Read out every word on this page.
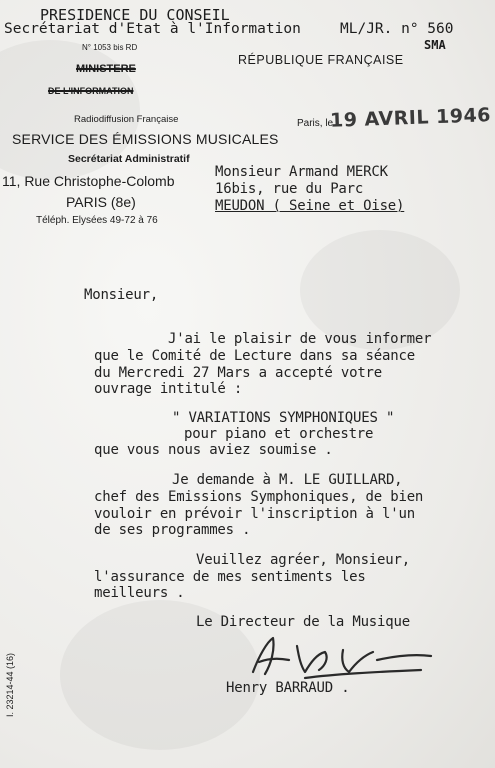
PRESIDENCE DU CONSEIL
Secrétariat d'Etat à l'Information	ML/JR. n° 560
SMA
N° 1053 bis RD
MINISTERE
RÉPUBLIQUE FRANÇAISE
DE L'INFORMATION
Radiodiffusion Française
SERVICE DES ÉMISSIONS MUSICALES
Secrétariat Administratif
11, Rue Christophe-Colomb
PARIS (8e)
Téléph. Elysées 49-72 à 76
Paris, le
19 AVRIL 1946
Monsieur Armand MERCK
16bis, rue du Parc
MEUDON ( Seine et Oise)
Monsieur,
J'ai le plaisir de vous informer
que le Comité de Lecture dans sa séance
du Mercredi 27 Mars a accepté votre
ouvrage intitulé :
" VARIATIONS SYMPHONIQUES "
pour piano et orchestre
que vous nous aviez soumise .
Je demande à M. LE GUILLARD,
chef des Emissions Symphoniques, de bien
vouloir en prévoir l'inscription à l'un
de ses programmes .
Veuillez agréer, Monsieur,
l'assurance de mes sentiments les
meilleurs .
Le Directeur de la Musique
Henry BARRAUD .
I. 23214-44 (16)
